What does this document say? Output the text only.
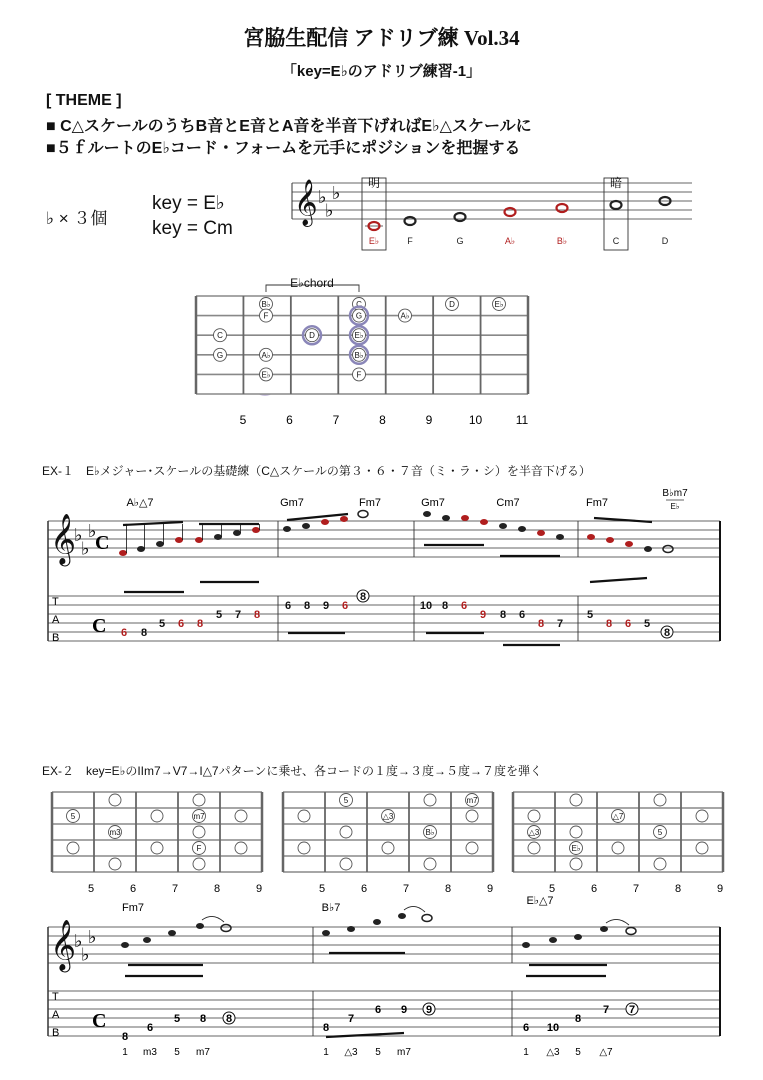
宮脇生配信 アドリブ練 Vol.34
「key=E♭のアドリブ練習-1」
[ THEME ]
■ C△スケールのうちB音とE音とA音を半音下げればE♭△スケールに
■５ｆルートのE♭コード・フォームを元手にポジションを把握する
♭ × ３個
key = E♭
key = Cm
EX-１　E♭メジャー･スケールの基礎練（C△スケールの第３・６・７音（ミ・ラ・シ）を半音下げる）
EX-２　key=E♭のIIm7→V7→I△7パターンに乗せ、各コードの１度→３度→５度→７度を弾く
𝄞 ♭
♭
♭
明	暗
E♭	F	G	A♭	B♭	C	D
E♭chord
B♭
F
A♭
E♭
C
G
E♭
B♭
F
A♭
D
G
C
D	E♭
5	6	7	8	9	10	11
𝄞
♭
♭
♭
C
T
A
B
C
A♭△7	Gm7	Fm7	Gm7	Cm7	Fm7
B♭m7
E♭
6 8
5 6 8
5 7 8
6 8 9 6
8
10 8 6
9 8 6
8 7
5
8 6 5
8
5
m3
m7
F
5	6	7	8	9
5	m7
△3
B♭
5	6	7	8	9
△3
△7
5
E♭
5	6	7	8	9
𝄞
♭
♭
♭
T
A
B
C
Fm7	B♭7
E♭△7
8
6
5 8 8
8
7
6 9 9
6 10
8
7 7
1 m3 5 m7	1 △3 5 m7	1 △3 5 △7
